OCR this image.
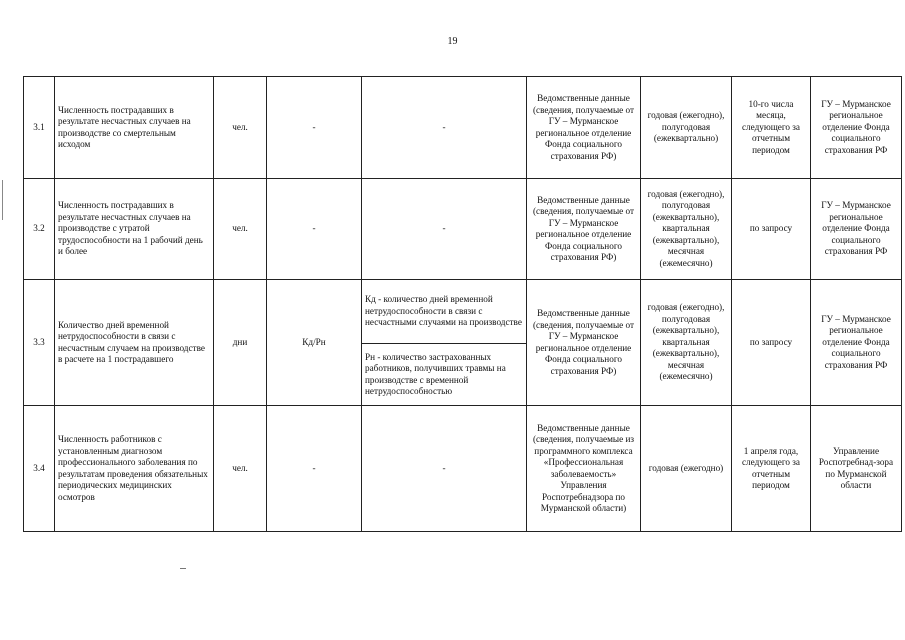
19
3.1	Численность пострадавших в результате несчастных случаев на производстве со смертельным исходом	чел.	-	-	Ведомственные данные (сведения, получаемые от ГУ – Мурманское региональное отделение Фонда социального страхования РФ)	годовая (ежегодно), полугодовая (ежеквартально)	10-го числа месяца, следующего за отчетным периодом	ГУ – Мурманское региональное отделение Фонда социального страхования РФ
3.2	Численность пострадавших в результате несчастных случаев на производстве с утратой трудоспособности на 1 рабочий день и более	чел.	-	-	Ведомственные данные (сведения, получаемые от ГУ – Мурманское региональное отделение Фонда социального страхования РФ)	годовая (ежегодно), полугодовая (ежеквартально), квартальная (ежеквартально), месячная (ежемесячно)	по запросу	ГУ – Мурманское региональное отделение Фонда социального страхования РФ
3.3	Количество дней временной нетрудоспособности в связи с несчастным случаем на производстве в расчете на 1 пострадавшего	дни	Кд/Рн	Кд - количество дней временной нетрудоспособности в связи с несчастными случаями на производстве	Ведомственные данные (сведения, получаемые от ГУ – Мурманское региональное отделение Фонда социального страхования РФ)	годовая (ежегодно), полугодовая (ежеквартально), квартальная (ежеквартально), месячная (ежемесячно)	по запросу	ГУ – Мурманское региональное отделение Фонда социального страхования РФ
				Рн - количество застрахованных работников, получивших травмы на производстве с временной нетрудоспособностью				
3.4	Численность работников с установленным диагнозом профессионального заболевания по результатам проведения обязательных периодических медицинских осмотров	чел.	-	-	Ведомственные данные (сведения, получаемые из программного комплекса «Профессиональная заболеваемость» Управления Роспотребнадзора по Мурманской области)	годовая (ежегодно)	1 апреля года, следующего за отчетным периодом	Управление Роспотребнад-зора по Мурманской области
